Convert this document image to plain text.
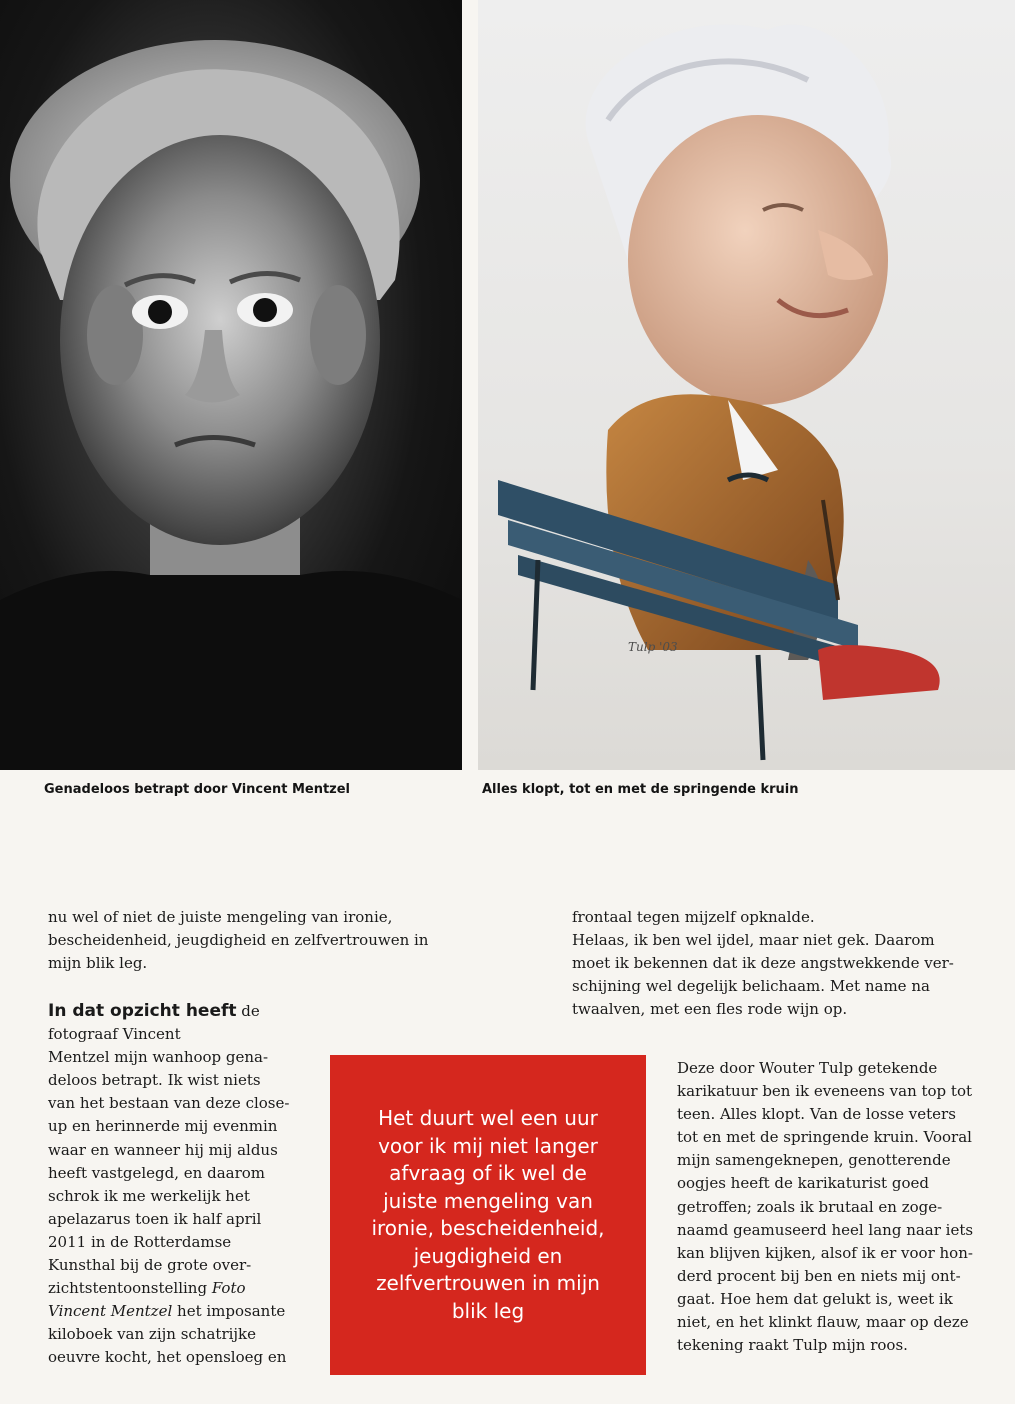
Tulp '03
Genadeloos betrapt door Vincent Mentzel	Alles klopt, tot en met de springende kruin

nu wel of niet de juiste mengeling van ironie,

bescheidenheid, jeugdigheid en zelfvertrouwen in

mijn blik leg.

In dat opzicht heeft de fotograaf Vincent

Mentzel mijn wanhoop gena-

deloos betrapt. Ik wist niets

van het bestaan van deze close-

up en herinnerde mij evenmin

waar en wanneer hij mij aldus

heeft vastgelegd, en daarom

schrok ik me werkelijk het

apelazarus toen ik half april

2011 in de Rotterdamse

Kunsthal bij de grote over-

zichtstentoonstelling Foto

Vincent Mentzel het imposante

kiloboek van zijn schatrijke

oeuvre kocht, het opensloeg en

frontaal tegen mijzelf opknalde.

Helaas, ik ben wel ijdel, maar niet gek. Daarom

moet ik bekennen dat ik deze angstwekkende ver-

schijning wel degelijk belichaam. Met name na

twaalven, met een fles rode wijn op.

Deze door Wouter Tulp getekende

karikatuur ben ik eveneens van top tot

teen. Alles klopt. Van de losse veters

tot en met de springende kruin. Vooral

mijn samengeknepen, genotterende

oogjes heeft de karikaturist goed

getroffen; zoals ik brutaal en zoge-

naamd geamuseerd heel lang naar iets

kan blijven kijken, alsof ik er voor hon-

derd procent bij ben en niets mij ont-

gaat. Hoe hem dat gelukt is, weet ik

niet, en het klinkt flauw, maar op deze

tekening raakt Tulp mijn roos.

Het duurt wel een uur
voor ik mij niet langer
afvraag of ik wel de
juiste mengeling van
ironie, bescheidenheid,
jeugdigheid en
zelfvertrouwen in mijn
blik leg
